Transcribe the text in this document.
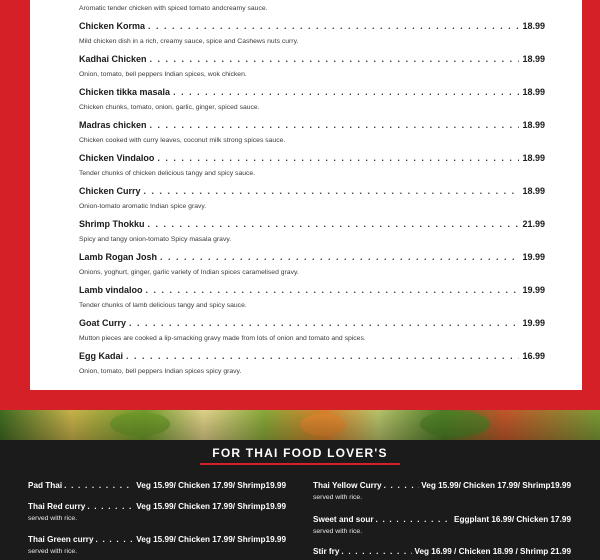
Aromatic tender chicken with spiced tomato andcreamy sauce.
Chicken Korma . . .	18.99
Mild chicken dish in a rich, creamy sauce, spice and Cashews nuts curry.
Kadhai Chicken . . .	18.99
Onion, tomato, bell peppers Indian spices, wok chicken.
Chicken tikka masala . . .	18.99
Chicken chunks, tomato, onion, garlic, ginger, spiced sauce.
Madras chicken . . .	18.99
Chicken cooked with curry leaves, coconut milk strong spices sauce.
Chicken Vindaloo . . .	18.99
Tender chunks of chicken delicious tangy and spicy sauce.
Chicken Curry . . .	18.99
Onion-tomato aromatic Indian spice gravy.
Shrimp Thokku . . .	21.99
Spicy and tangy onion-tomato Spicy masala gravy.
Lamb Rogan Josh . . .	19.99
Onions, yoghurt, ginger, garlic variety of Indian spices caramelised gravy.
Lamb vindaloo . . .	19.99
Tender chunks of lamb delicious tangy and spicy sauce.
Goat Curry . . .	19.99
Mutton pieces are cooked a lip-smacking gravy made from lots of onion and tomato and spices.
Egg Kadai . . .	16.99
Onion, tomato, bell peppers Indian spices spicy gravy.
FOR THAI FOOD LOVER'S
Pad Thai . . .	Veg 15.99/ Chicken 17.99/ Shrimp19.99
Thai Red curry . . .	Veg 15.99/ Chicken 17.99/ Shrimp19.99
served with rice.
Thai Green curry . . .	Veg 15.99/ Chicken 17.99/ Shrimp19.99
served with rice.
Thai Yellow Curry . . .	Veg 15.99/ Chicken 17.99/ Shrimp19.99
served with rice.
Sweet and sour . . .	Eggplant 16.99/ Chicken 17.99
served with rice.
Stir fry . . .	Veg 16.99 / Chicken 18.99 / Shrimp 21.99
